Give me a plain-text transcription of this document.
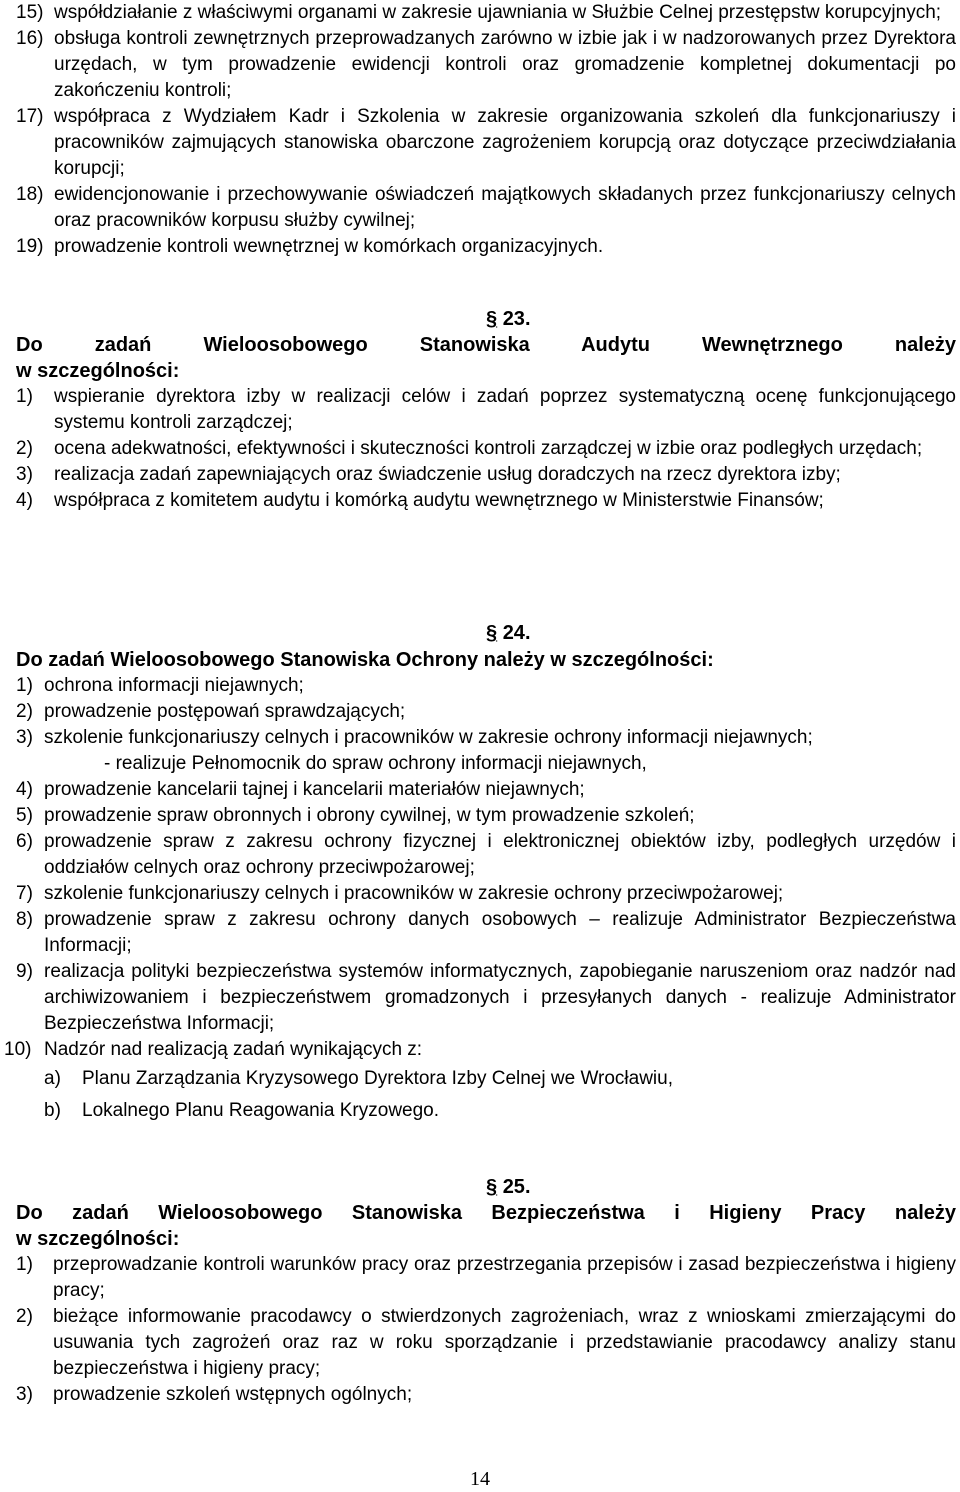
15) współdziałanie z właściwymi organami w zakresie ujawniania w Służbie Celnej przestępstw korupcyjnych;
16) obsługa kontroli zewnętrznych przeprowadzanych zarówno w izbie jak i w nadzorowanych przez Dyrektora urzędach, w tym prowadzenie ewidencji kontroli oraz gromadzenie kompletnej dokumentacji po zakończeniu kontroli;
17) współpraca z Wydziałem Kadr i Szkolenia w zakresie organizowania szkoleń dla funkcjonariuszy i pracowników zajmujących stanowiska obarczone zagrożeniem korupcją oraz dotyczące przeciwdziałania korupcji;
18) ewidencjonowanie i przechowywanie oświadczeń majątkowych składanych przez funkcjonariuszy celnych oraz pracowników korpusu służby cywilnej;
19) prowadzenie kontroli wewnętrznej w komórkach organizacyjnych.
§ 23.
Do zadań Wieloosobowego Stanowiska Audytu Wewnętrznego należy
w szczególności:
1)	wspieranie dyrektora izby w realizacji celów i zadań poprzez systematyczną ocenę funkcjonującego systemu kontroli zarządczej;
2)	ocena adekwatności, efektywności i skuteczności kontroli zarządczej w izbie oraz podległych urzędach;
3)	realizacja zadań zapewniających oraz świadczenie usług doradczych na rzecz dyrektora izby;
4)	współpraca z komitetem audytu i komórką audytu wewnętrznego w Ministerstwie Finansów;
§ 24.
Do zadań Wieloosobowego Stanowiska Ochrony należy w szczególności:
1) ochrona informacji niejawnych;
2) prowadzenie postępowań sprawdzających;
3) szkolenie funkcjonariuszy celnych i pracowników w zakresie ochrony informacji niejawnych;
- realizuje Pełnomocnik do spraw ochrony informacji niejawnych,
4) prowadzenie kancelarii tajnej i kancelarii materiałów niejawnych;
5) prowadzenie spraw obronnych i obrony cywilnej, w tym prowadzenie szkoleń;
6) prowadzenie spraw z zakresu ochrony fizycznej i elektronicznej obiektów izby, podległych urzędów i oddziałów celnych oraz ochrony przeciwpożarowej;
7) szkolenie funkcjonariuszy celnych i pracowników w zakresie ochrony przeciwpożarowej;
8) prowadzenie spraw z zakresu ochrony danych osobowych – realizuje Administrator Bezpieczeństwa Informacji;
9) realizacja polityki bezpieczeństwa systemów informatycznych, zapobieganie naruszeniom oraz nadzór nad archiwizowaniem i bezpieczeństwem gromadzonych i przesyłanych danych - realizuje Administrator Bezpieczeństwa Informacji;
10) Nadzór nad realizacją zadań wynikających z:
a)	Planu Zarządzania Kryzysowego Dyrektora Izby Celnej we Wrocławiu,
b)	Lokalnego Planu Reagowania Kryzowego.
§ 25.
Do zadań Wieloosobowego Stanowiska Bezpieczeństwa i Higieny Pracy należy
w szczególności:
1)	przeprowadzanie kontroli warunków pracy oraz przestrzegania przepisów i zasad bezpieczeństwa i higieny pracy;
2)	bieżące informowanie pracodawcy o stwierdzonych zagrożeniach, wraz z wnioskami zmierzającymi do usuwania tych zagrożeń oraz raz w roku sporządzanie i przedstawianie pracodawcy analizy stanu bezpieczeństwa i higieny pracy;
3)	prowadzenie szkoleń wstępnych ogólnych;
14
